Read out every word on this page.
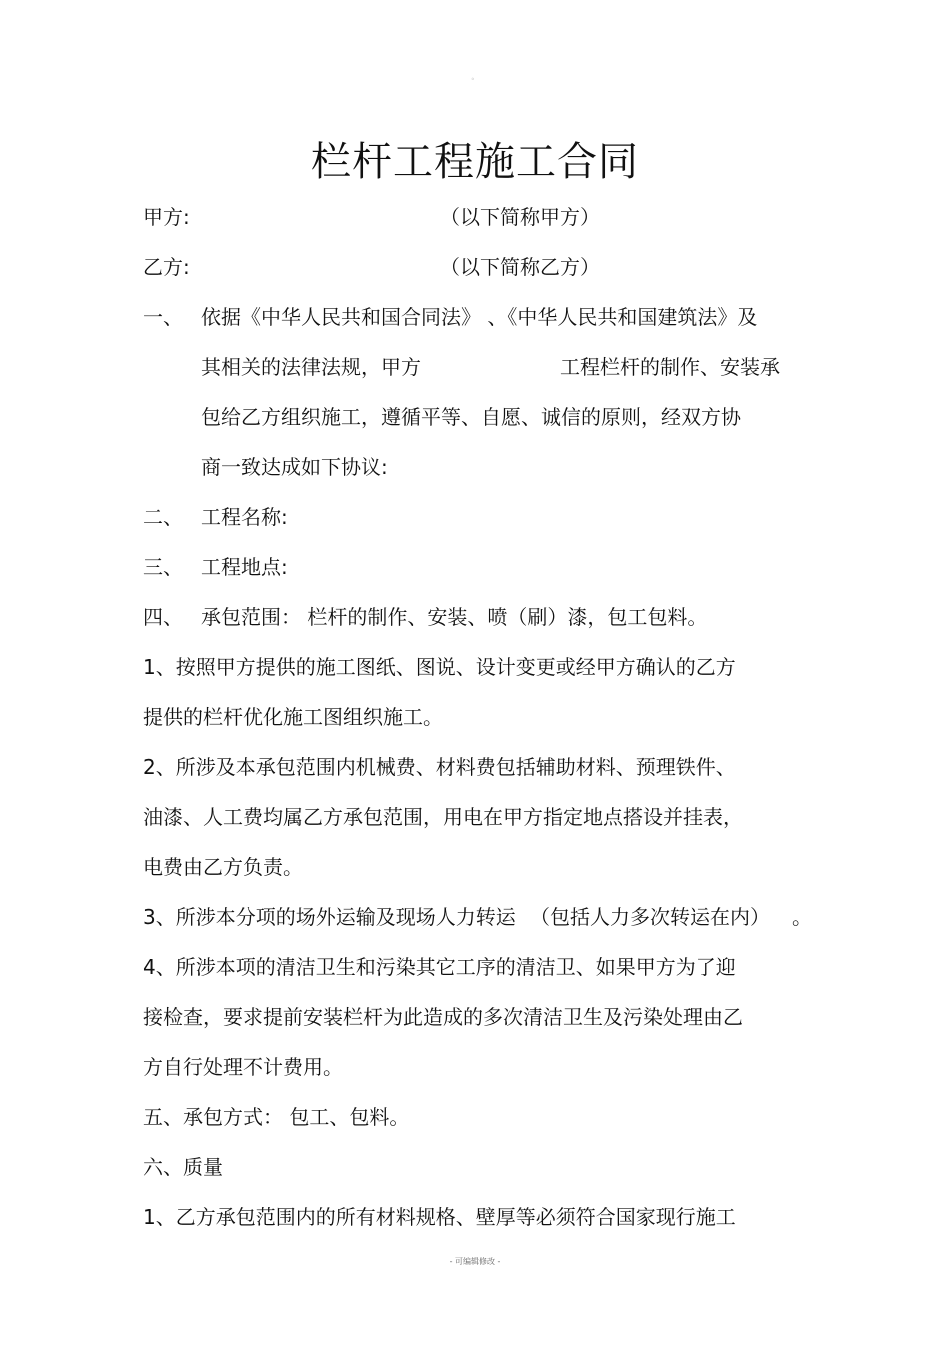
。
栏杆工程施工合同
甲方:	（以下简称甲方）
乙方:	（以下简称乙方）
一、 依据《中华人民共和国合同法》 、《中华人民共和国建筑法》及
其相关的法律法规，甲方	工程栏杆的制作、安装承
包给乙方组织施工，遵循平等、自愿、诚信的原则，经双方协
商一致达成如下协议:
二、 工程名称:
三、 工程地点:
四、 承包范围： 栏杆的制作、安装、喷（刷）漆，包工包料。
1、按照甲方提供的施工图纸、图说、设计变更或经甲方确认的乙方
提供的栏杆优化施工图组织施工。
2、所涉及本承包范围内机械费、材料费包括辅助材料、预理铁件、
油漆、人工费均属乙方承包范围，用电在甲方指定地点搭设并挂表，
电费由乙方负责。
3、所涉本分项的场外运输及现场人力转运 （包括人力多次转运在内） 。
4、所涉本项的清洁卫生和污染其它工序的清洁卫、如果甲方为了迎
接检查，要求提前安装栏杆为此造成的多次清洁卫生及污染处理由乙
方自行处理不计费用。
五、承包方式： 包工、包料。
六、质量
1、乙方承包范围内的所有材料规格、壁厚等必须符合国家现行施工
- 可编辑修改 -
